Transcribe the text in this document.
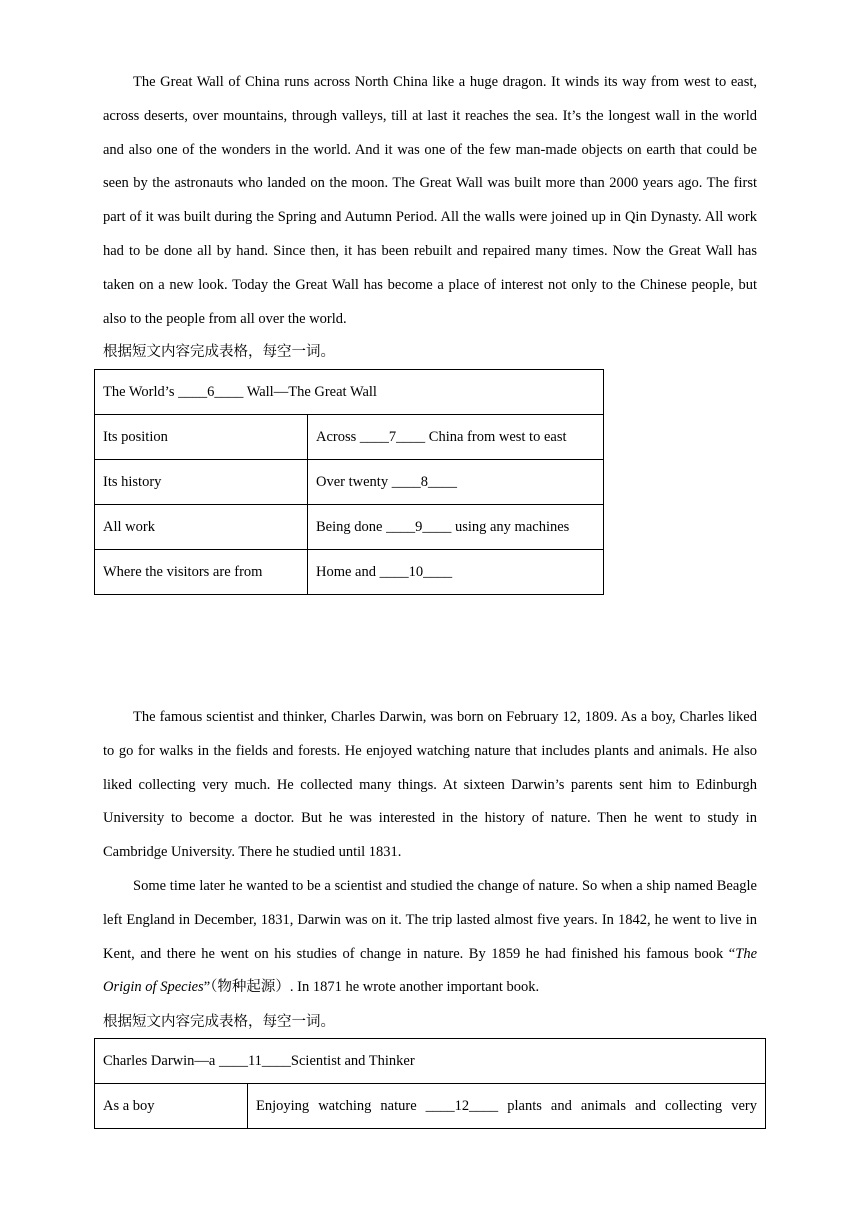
The Great Wall of China runs across North China like a huge dragon. It winds its way from west to east, across deserts, over mountains, through valleys, till at last it reaches the sea. It’s the longest wall in the world and also one of the wonders in the world. And it was one of the few man-made objects on earth that could be seen by the astronauts who landed on the moon. The Great Wall was built more than 2000 years ago. The first part of it was built during the Spring and Autumn Period. All the walls were joined up in Qin Dynasty. All work had to be done all by hand. Since then, it has been rebuilt and repaired many times. Now the Great Wall has taken on a new look. Today the Great Wall has become a place of interest not only to the Chinese people, but also to the people from all over the world.

根据短文内容完成表格，每空一词。

The World’s ____6____ Wall—The Great Wall	
Its position	Across ____7____ China from west to east
Its history	Over twenty ____8____
All work	Being done ____9____ using any machines
Where the visitors are from	Home and ____10____

The famous scientist and thinker, Charles Darwin, was born on February 12, 1809. As a boy, Charles liked to go for walks in the fields and forests. He enjoyed watching nature that includes plants and animals. He also liked collecting very much. He collected many things. At sixteen Darwin’s parents sent him to Edinburgh University to become a doctor. But he was interested in the history of nature. Then he went to study in Cambridge University. There he studied until 1831.

Some time later he wanted to be a scientist and studied the change of nature. So when a ship named Beagle left England in December, 1831, Darwin was on it. The trip lasted almost five years. In 1842, he went to live in Kent, and there he went on his studies of change in nature. By 1859 he had finished his famous book “The Origin of Species”（物种起源）. In 1871 he wrote another important book.

根据短文内容完成表格，每空一词。

Charles Darwin—a ____11____Scientist and Thinker
As a boy	Enjoying watching nature ____12____ plants and animals and collecting very
